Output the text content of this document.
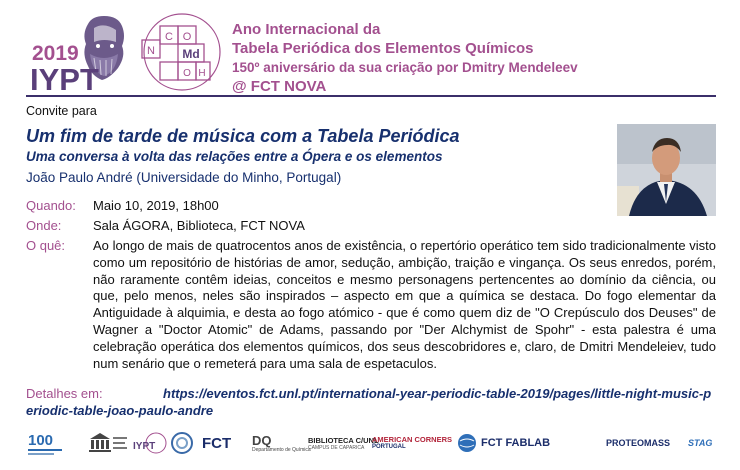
N
C O
Md
O H
2019
IYPT
Ano Internacional da
Tabela Periódica dos Elementos Químicos
150º aniversário da sua criação por Dmitry Mendeleev
@ FCT NOVA
Convite para
Um fim de tarde de música com a Tabela Periódica
Uma conversa à volta das relações entre a Ópera e os elementos
João Paulo André (Universidade do Minho, Portugal)
Quando: Maio 10, 2019, 18h00
Onde: Sala ÁGORA, Biblioteca, FCT NOVA
O quê: Ao longo de mais de quatrocentos anos de existência, o repertório operático tem sido tradicionalmente visto como um repositório de histórias de amor, sedução, ambição, traição e vingança. Os seus enredos, porém, não raramente contêm ideias, conceitos e mesmo personagens pertencentes ao domínio da ciência, ou que, pelo menos, neles são inspirados – aspecto em que a química se destaca. Do fogo elementar da Antiguidade à alquimia, e desta ao fogo atómico - que é como quem diz de "O Crepúsculo dos Deuses" de Wagner a "Doctor Atomic" de Adams, passando por "Der Alchymist de Spohr" - esta palestra é uma celebração operática dos elementos químicos, dos seus descobridores e, claro, de Dmitri Mendeleiev, tudo num senário que o remeterá para uma sala de espetaculos.
Detalhes em:	https://eventos.fct.unl.pt/international-year-periodic-table-2019/pages/little-night-music-periodic-table-joao-paulo-andre
100	IYPT	FCT DQ
Departamento de Química
BIBLIOTECA C/UNL
CAMPUS DE CAPARICA
AMERICAN CORNERS
PORTUGAL	FCT FABLAB	PROTEOMASS STAG
